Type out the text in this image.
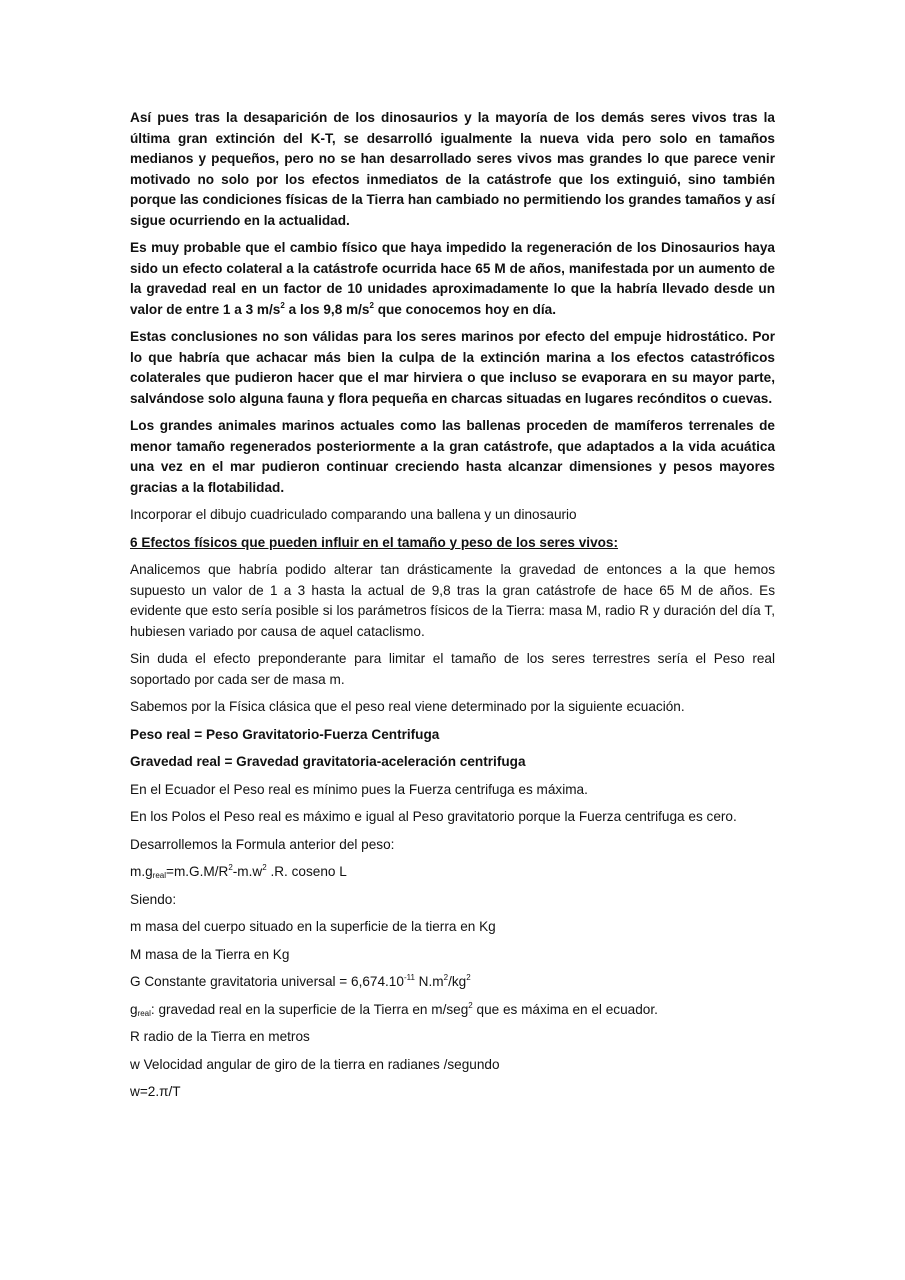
Así pues tras la desaparición de los dinosaurios y la mayoría de los demás seres vivos tras la última gran extinción del K-T, se desarrolló igualmente la nueva vida pero solo en tamaños medianos y pequeños, pero no se han desarrollado seres vivos mas grandes lo que parece venir motivado no solo por los efectos inmediatos de la catástrofe que los extinguió, sino también porque las condiciones físicas de la Tierra han cambiado no permitiendo los grandes tamaños y así sigue ocurriendo en la actualidad.

Es muy probable que el cambio físico que haya impedido la regeneración de los Dinosaurios haya sido un efecto colateral a la catástrofe ocurrida hace 65 M de años, manifestada por un aumento de la gravedad real en un factor de 10 unidades aproximadamente lo que la habría llevado desde un valor de entre 1 a 3 $m/s^2$ a los 9,8 $m/s^2$ que conocemos hoy en día.

Estas conclusiones no son válidas para los seres marinos por efecto del empuje hidrostático. Por lo que habría que achacar más bien la culpa de la extinción marina a los efectos catastróficos colaterales que pudieron hacer que el mar hirviera o que incluso se evaporara en su mayor parte, salvándose solo alguna fauna y flora pequeña en charcas situadas en lugares recónditos o cuevas.

Los grandes animales marinos actuales como las ballenas proceden de mamíferos terrenales de menor tamaño regenerados posteriormente a la gran catástrofe, que adaptados a la vida acuática una vez en el mar pudieron continuar creciendo hasta alcanzar dimensiones y pesos mayores gracias a la flotabilidad.

Incorporar el dibujo cuadriculado comparando una ballena y un dinosaurio

6 Efectos físicos que pueden influir en el tamaño y peso de los seres vivos:

Analicemos que habría podido alterar tan drásticamente la gravedad de entonces a la que hemos supuesto un valor de 1 a 3 hasta la actual de 9,8 tras la gran catástrofe de hace 65 M de años. Es evidente que esto sería posible si los parámetros físicos de la Tierra: masa M, radio R y duración del día T, hubiesen variado por causa de aquel cataclismo.

Sin duda el efecto preponderante para limitar el tamaño de los seres terrestres sería el Peso real soportado por cada ser de masa m.

Sabemos por la Física clásica que el peso real viene determinado por la siguiente ecuación.

Peso real = Peso Gravitatorio-Fuerza Centrifuga

Gravedad real = Gravedad gravitatoria-aceleración centrifuga

En el Ecuador el Peso real es mínimo pues la Fuerza centrifuga es máxima.

En los Polos el Peso real es máximo e igual al Peso gravitatorio porque la Fuerza centrifuga es cero.

Desarrollemos la Formula anterior del peso:

$m.g_{real}=m.G.M/R^2-m.w^2$ .R. coseno L

Siendo:

m masa del cuerpo situado en la superficie de la tierra en Kg

M masa de la Tierra en Kg

G Constante gravitatoria universal = $6,674.10^{-11}$ $N.m^2/kg^2$

$g_{real}$: gravedad real en la superficie de la Tierra en m/seg$^2$ que es máxima en el ecuador.

R radio de la Tierra en metros

w Velocidad angular de giro de la tierra en radianes /segundo

w=2.π/T
